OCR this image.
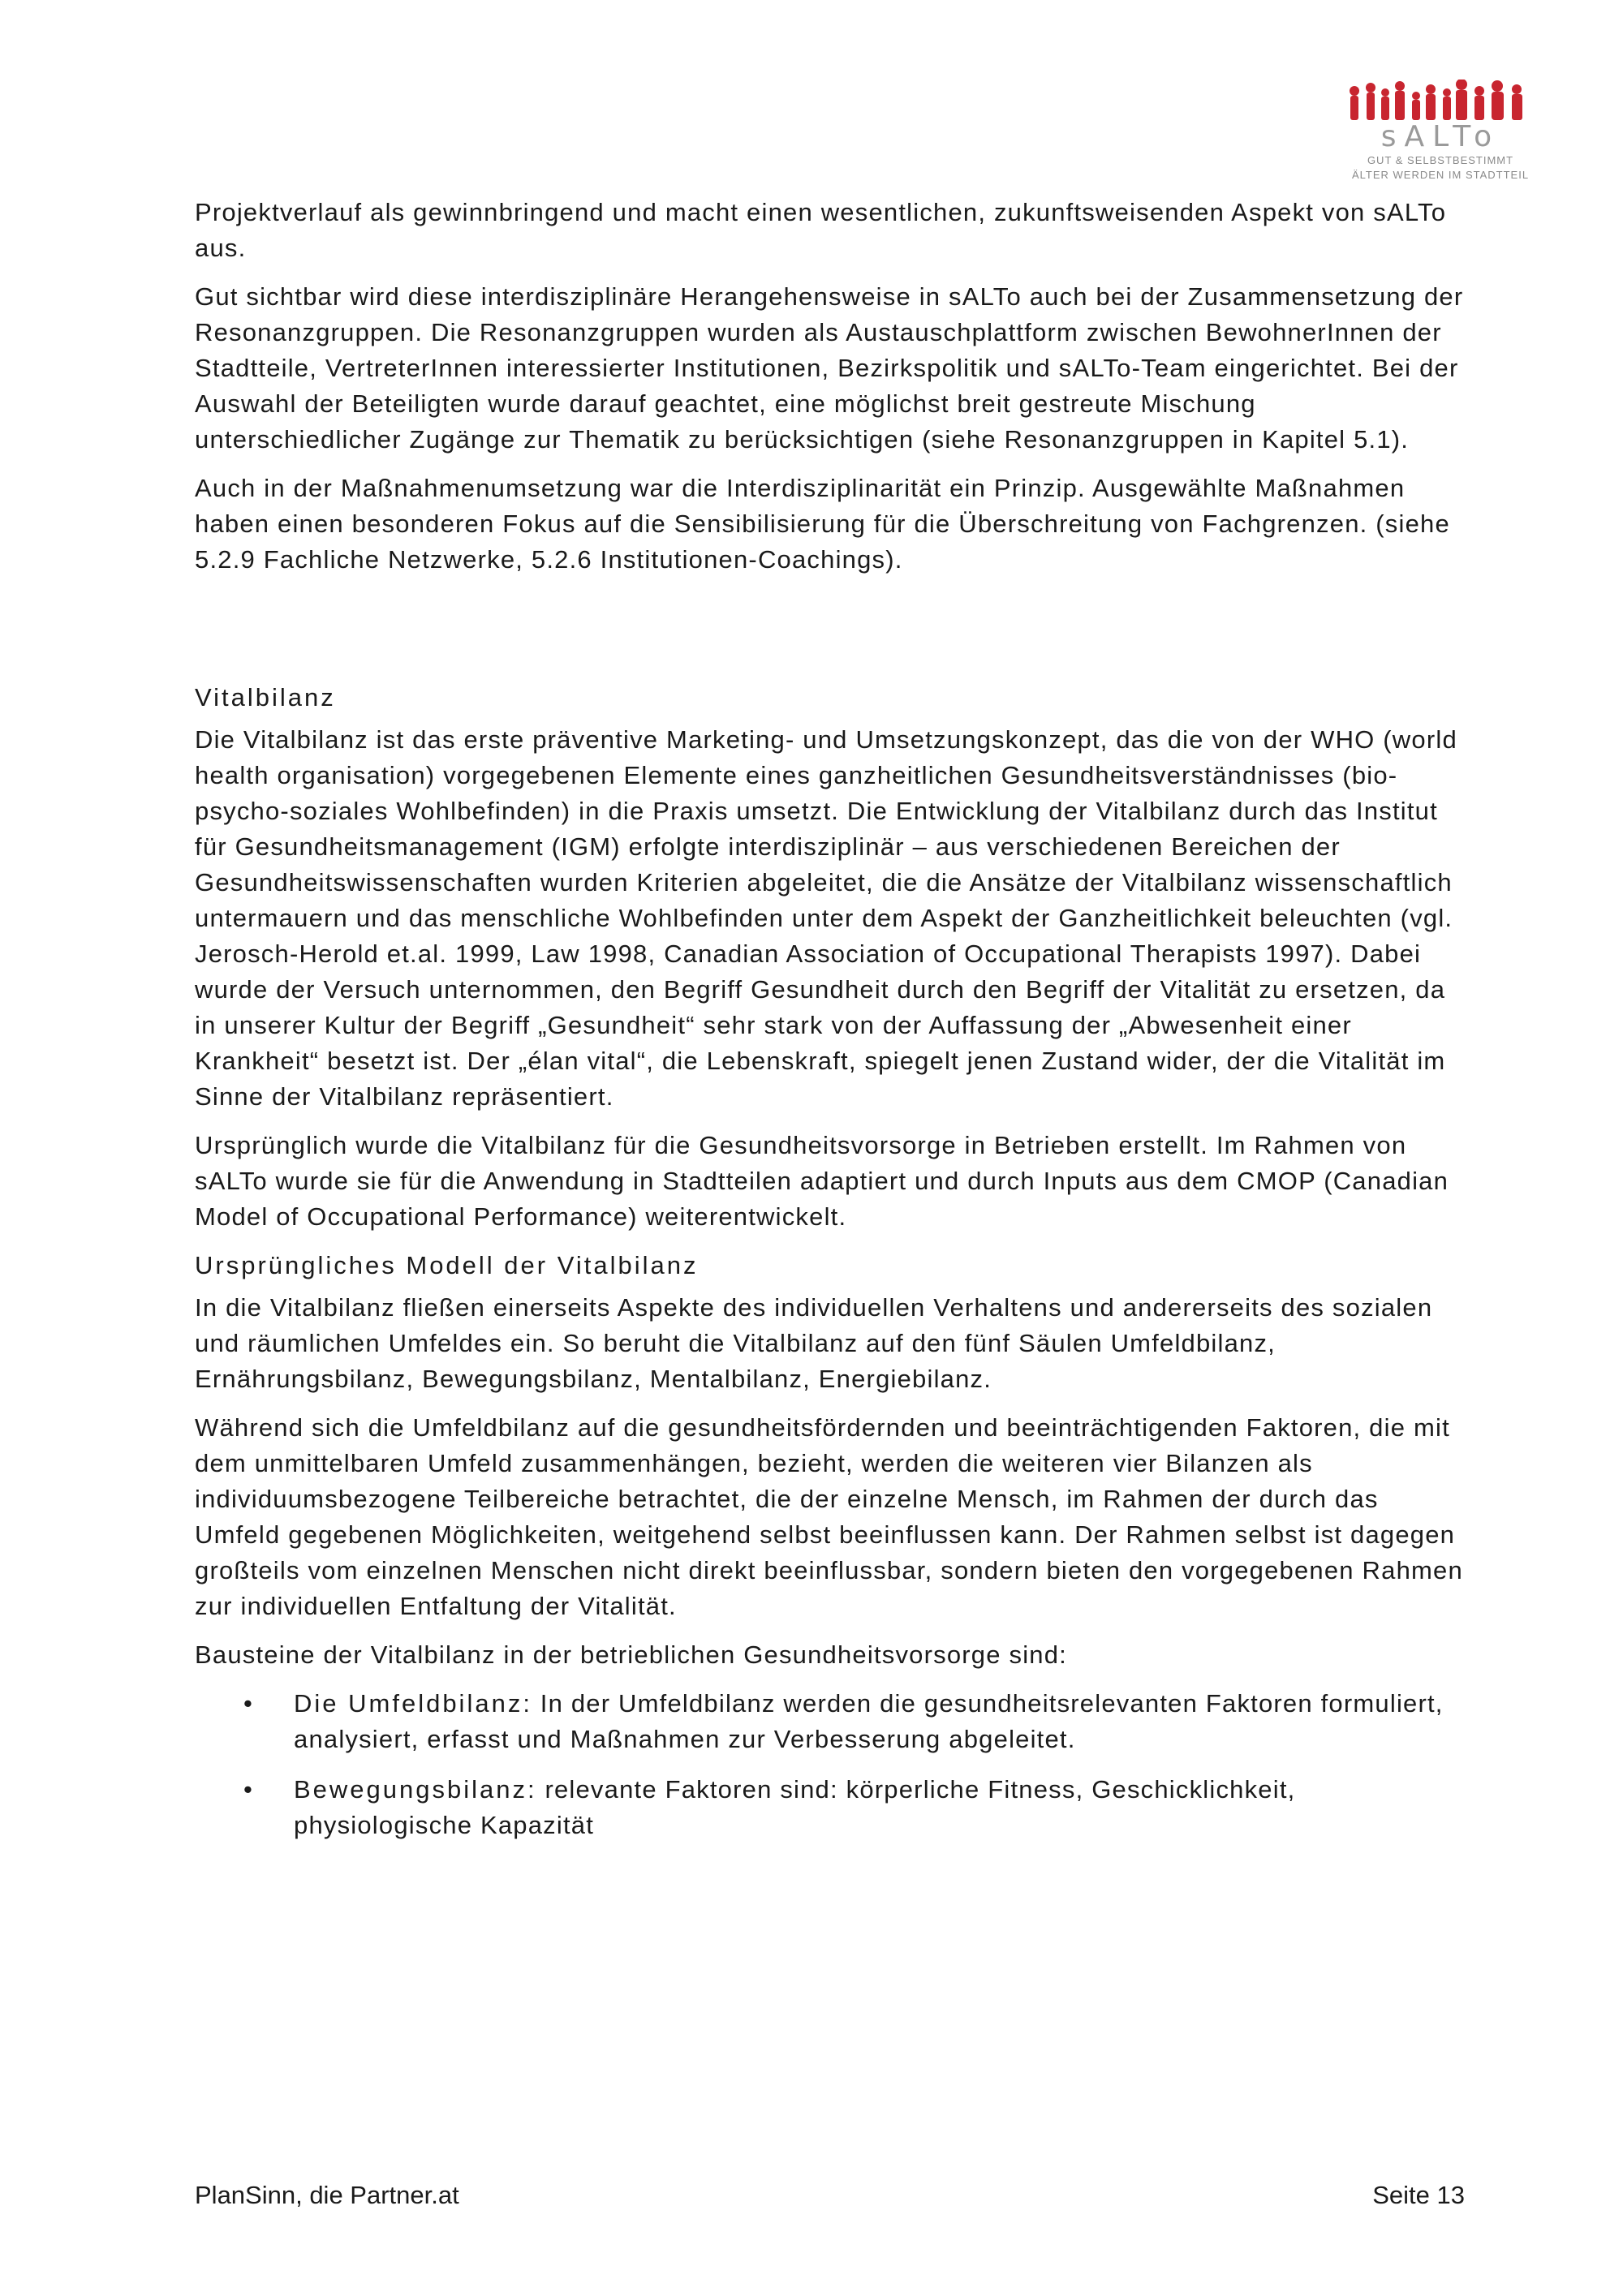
sALTo
GUT & SELBSTBESTIMMT
ÄLTER WERDEN IM STADTTEIL

Projektverlauf als gewinnbringend und macht einen wesentlichen, zukunftsweisenden Aspekt von sALTo aus.

Gut sichtbar wird diese interdisziplinäre Herangehensweise in sALTo auch bei der Zusammensetzung der Resonanzgruppen. Die Resonanzgruppen wurden als Austauschplattform zwischen BewohnerInnen der Stadtteile, VertreterInnen interessierter Institutionen, Bezirkspolitik und sALTo-Team eingerichtet. Bei der Auswahl der Beteiligten wurde darauf geachtet, eine möglichst breit gestreute Mischung unterschiedlicher Zugänge zur Thematik zu berücksichtigen (siehe Resonanzgruppen in Kapitel 5.1).

Auch in der Maßnahmenumsetzung war die Interdisziplinarität ein Prinzip. Ausgewählte Maßnahmen haben einen besonderen Fokus auf die Sensibilisierung für die Überschreitung von Fachgrenzen. (siehe 5.2.9 Fachliche Netzwerke, 5.2.6 Institutionen-Coachings).

Vitalbilanz

Die Vitalbilanz ist das erste präventive Marketing- und Umsetzungskonzept, das die von der WHO (world health organisation) vorgegebenen Elemente eines ganzheitlichen Gesundheitsverständnisses (bio-psycho-soziales Wohlbefinden) in die Praxis umsetzt. Die Entwicklung der Vitalbilanz durch das Institut für Gesundheitsmanagement (IGM) erfolgte interdisziplinär – aus verschiedenen Bereichen der Gesundheitswissenschaften wurden Kriterien abgeleitet, die die Ansätze der Vitalbilanz wissenschaftlich untermauern und das menschliche Wohlbefinden unter dem Aspekt der Ganzheitlichkeit beleuchten (vgl. Jerosch-Herold et.al. 1999, Law 1998, Canadian Association of Occupational Therapists 1997). Dabei wurde der Versuch unternommen, den Begriff Gesundheit durch den Begriff der Vitalität zu ersetzen, da in unserer Kultur der Begriff „Gesundheit“ sehr stark von der Auffassung der „Abwesenheit einer Krankheit“ besetzt ist. Der „élan vital“, die Lebenskraft, spiegelt jenen Zustand wider, der die Vitalität im Sinne der Vitalbilanz repräsentiert.

Ursprünglich wurde die Vitalbilanz für die Gesundheitsvorsorge in Betrieben erstellt. Im Rahmen von sALTo wurde sie für die Anwendung in Stadtteilen adaptiert und durch Inputs aus dem CMOP (Canadian Model of Occupational Performance) weiterentwickelt.

Ursprüngliches Modell der Vitalbilanz

In die Vitalbilanz fließen einerseits Aspekte des individuellen Verhaltens und andererseits des sozialen und räumlichen Umfeldes ein. So beruht die Vitalbilanz auf den fünf Säulen Umfeldbilanz, Ernährungsbilanz, Bewegungsbilanz, Mentalbilanz, Energiebilanz.

Während sich die Umfeldbilanz auf die gesundheitsfördernden und beeinträchtigenden Faktoren, die mit dem unmittelbaren Umfeld zusammenhängen, bezieht, werden die weiteren vier Bilanzen als individuumsbezogene Teilbereiche betrachtet, die der einzelne Mensch, im Rahmen der durch das Umfeld gegebenen Möglichkeiten, weitgehend selbst beeinflussen kann. Der Rahmen selbst ist dagegen großteils vom einzelnen Menschen nicht direkt beeinflussbar, sondern bieten den vorgegebenen Rahmen zur individuellen Entfaltung der Vitalität.

Bausteine der Vitalbilanz in der betrieblichen Gesundheitsvorsorge sind:

• Die Umfeldbilanz: In der Umfeldbilanz werden die gesundheitsrelevanten Faktoren formuliert, analysiert, erfasst und Maßnahmen zur Verbesserung abgeleitet.
• Bewegungsbilanz: relevante Faktoren sind: körperliche Fitness, Geschicklichkeit, physiologische Kapazität
PlanSinn, die Partner.at	Seite 13
